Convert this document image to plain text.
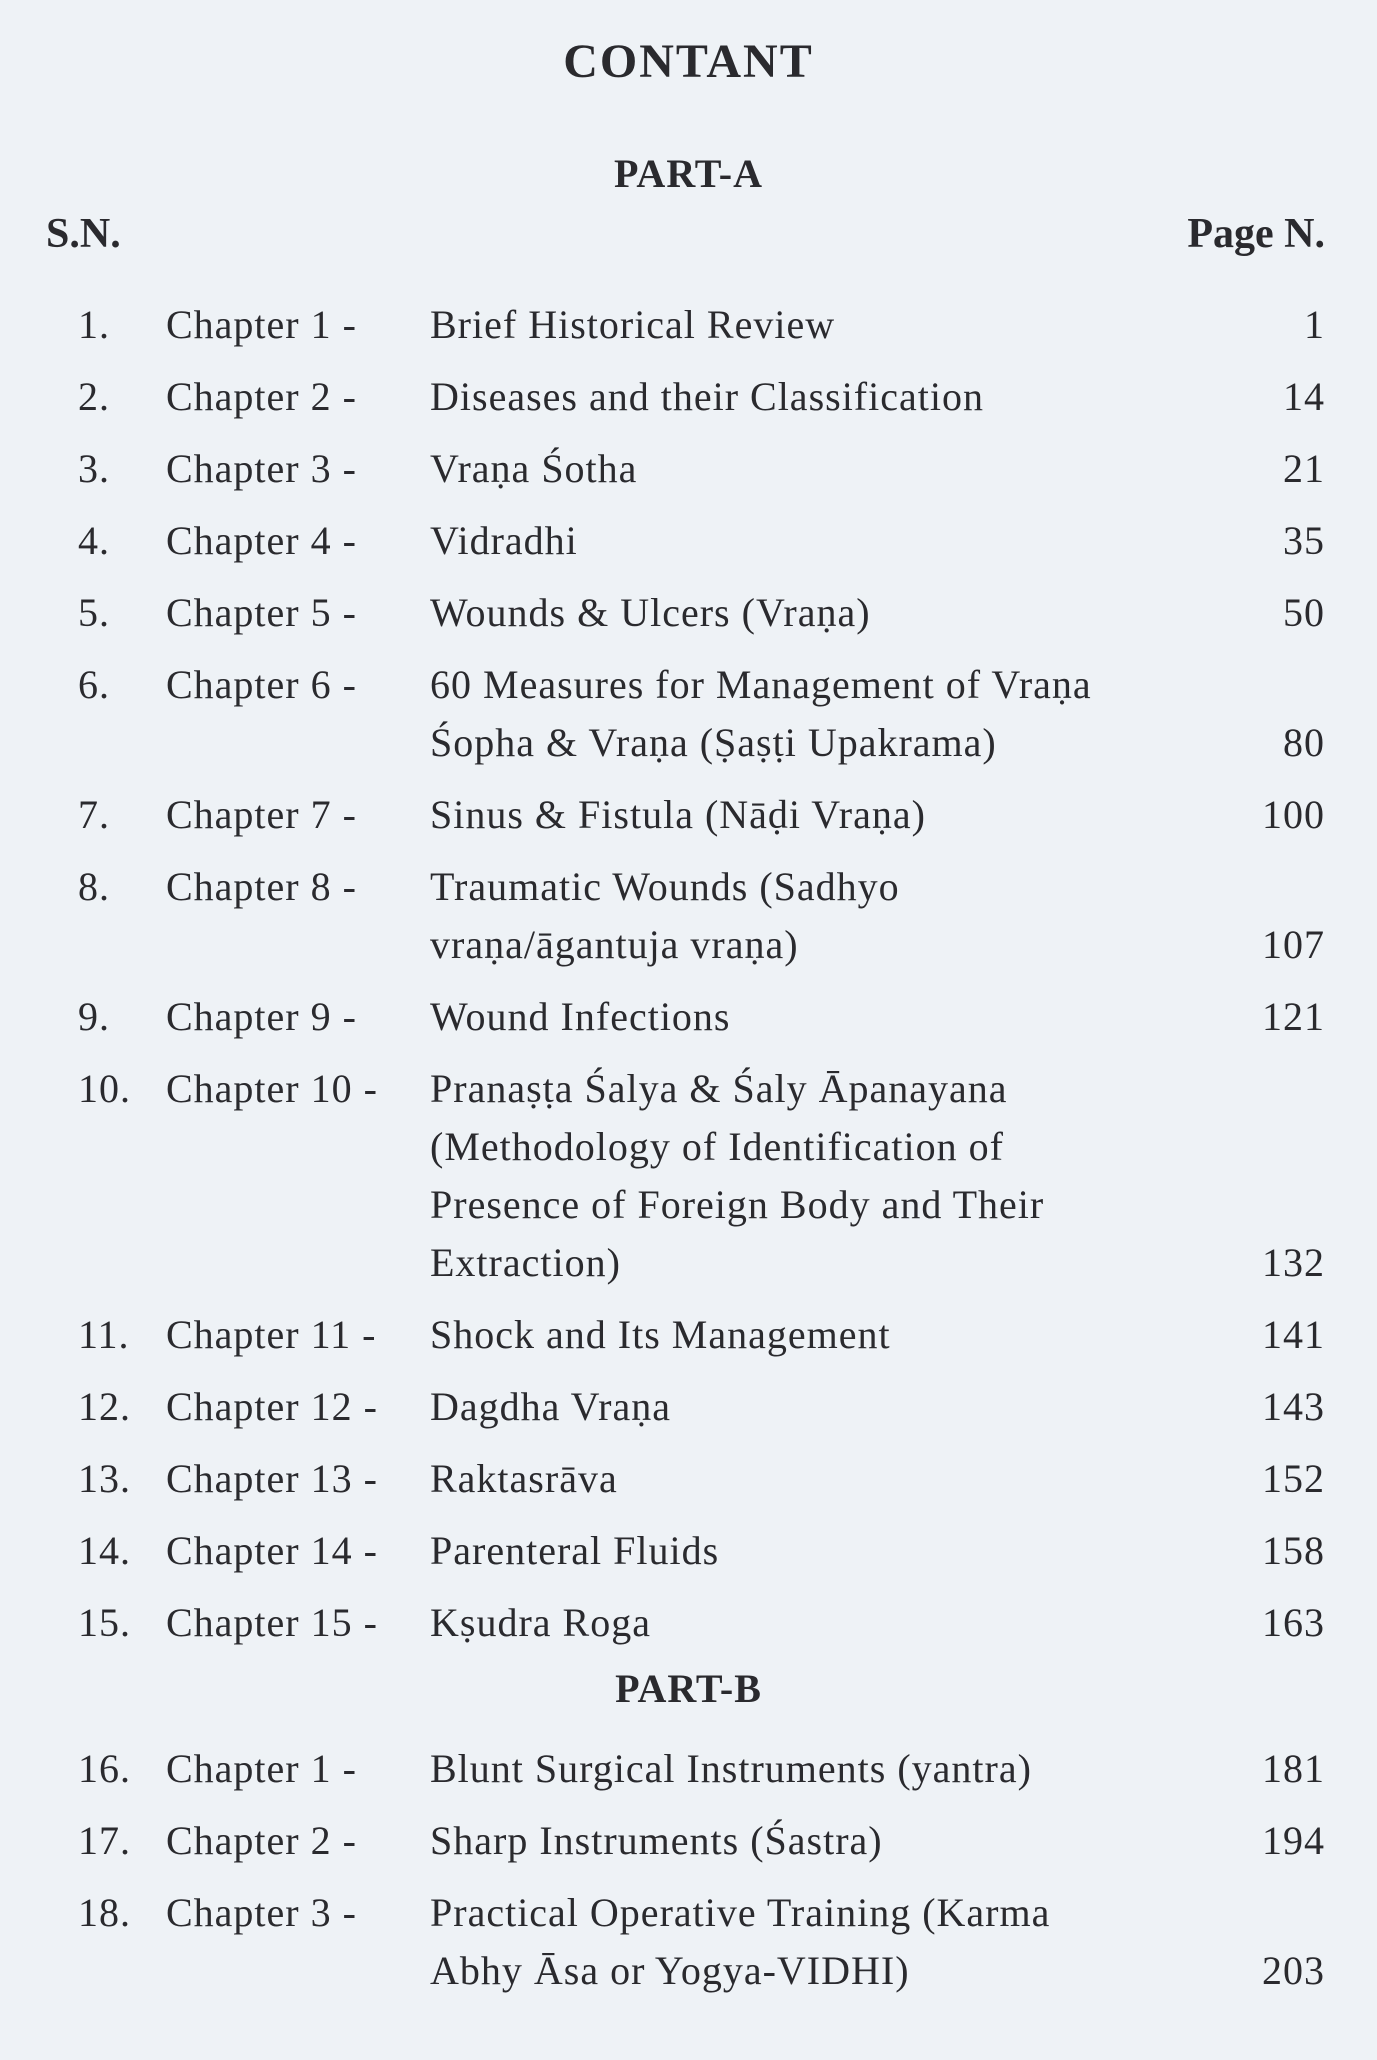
CONTANT
PART-A
S.N.	Page N.
1. Chapter 1 - Brief Historical Review	1
2. Chapter 2 - Diseases and their Classification	14
3. Chapter 3 - Vraṇa Śotha	21
4. Chapter 4 - Vidradhi	35
5. Chapter 5 - Wounds & Ulcers (Vraṇa)	50
6. Chapter 6 - 60 Measures for Management of Vraṇa
Śopha & Vraṇa (Ṣaṣṭi Upakrama)	80
7. Chapter 7 - Sinus & Fistula (Nāḍi Vraṇa)	100
8. Chapter 8 - Traumatic Wounds (Sadhyo
vraṇa/āgantuja vraṇa)	107
9. Chapter 9 - Wound Infections	121
10. Chapter 10 - Pranaṣṭa Śalya & Śaly Āpanayana
(Methodology of Identification of
Presence of Foreign Body and Their
Extraction)	132
11. Chapter 11 - Shock and Its Management	141
12. Chapter 12 - Dagdha Vraṇa	143
13. Chapter 13 - Raktasrāva	152
14. Chapter 14 - Parenteral Fluids	158
15. Chapter 15 - Kṣudra Roga	163
PART-B
16. Chapter 1 - Blunt Surgical Instruments (yantra)	181
17. Chapter 2 - Sharp Instruments (Śastra)	194
18. Chapter 3 - Practical Operative Training (Karma
Abhy Āsa or Yogya-VIDHI)	203
